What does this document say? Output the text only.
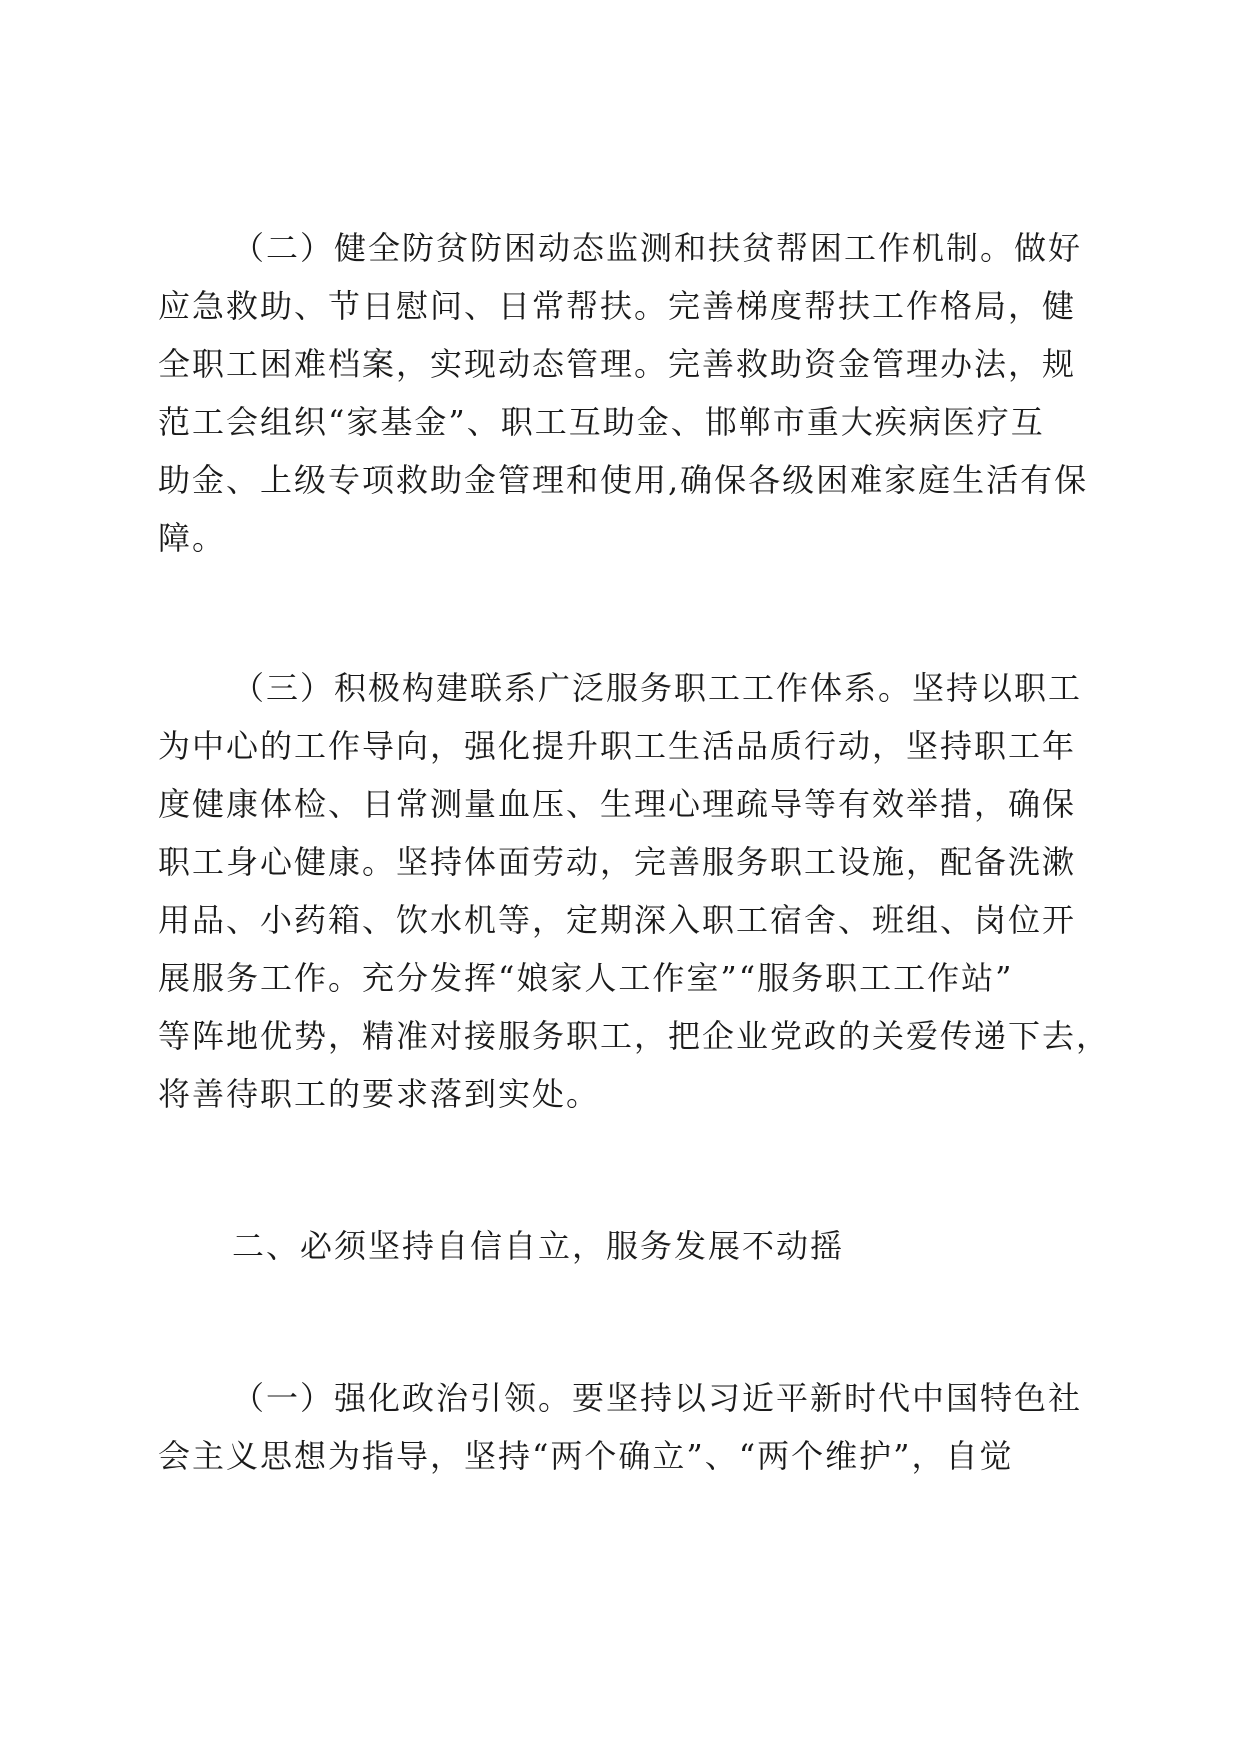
（二）健全防贫防困动态监测和扶贫帮困工作机制。做好
应急救助、节日慰问、日常帮扶。完善梯度帮扶工作格局，健
全职工困难档案，实现动态管理。完善救助资金管理办法，规
范工会组织“家基金”、职工互助金、邯郸市重大疾病医疗互
助金、上级专项救助金管理和使用,确保各级困难家庭生活有保
障。
（三）积极构建联系广泛服务职工工作体系。坚持以职工
为中心的工作导向，强化提升职工生活品质行动，坚持职工年
度健康体检、日常测量血压、生理心理疏导等有效举措，确保
职工身心健康。坚持体面劳动，完善服务职工设施，配备洗漱
用品、小药箱、饮水机等，定期深入职工宿舍、班组、岗位开
展服务工作。充分发挥“娘家人工作室”“服务职工工作站”
等阵地优势，精准对接服务职工，把企业党政的关爱传递下去，
将善待职工的要求落到实处。
二、必须坚持自信自立，服务发展不动摇
（一）强化政治引领。要坚持以习近平新时代中国特色社
会主义思想为指导，坚持“两个确立”、“两个维护”，自觉
